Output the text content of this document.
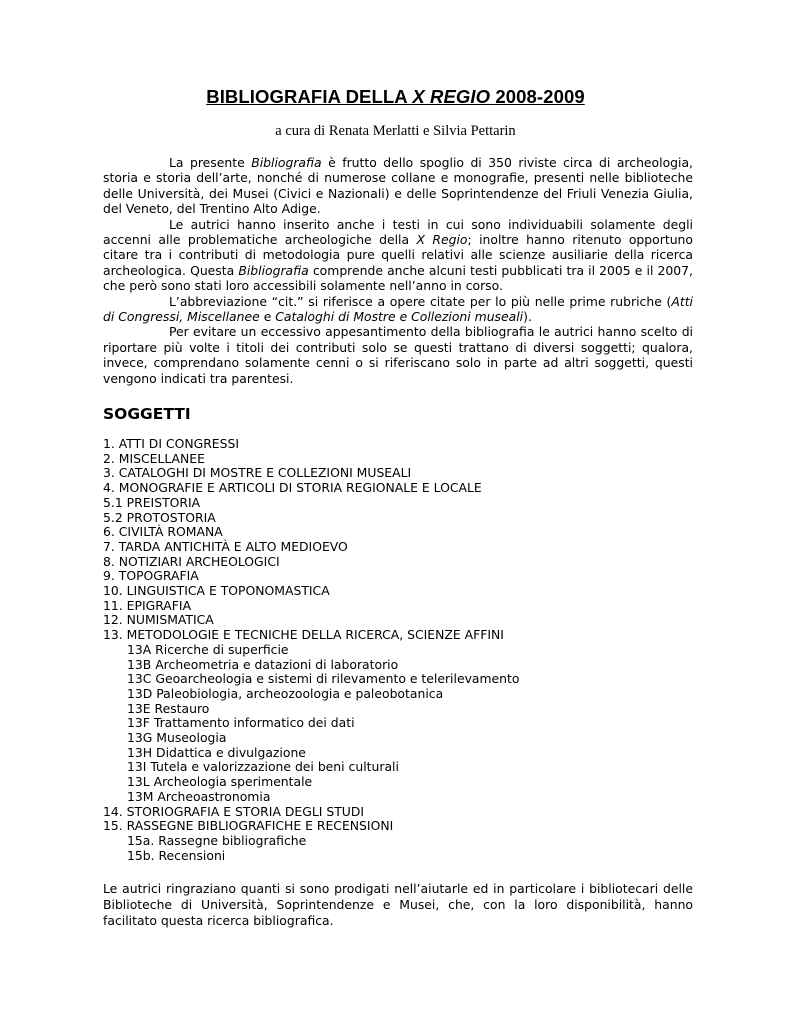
BIBLIOGRAFIA DELLA X REGIO 2008-2009
a cura di Renata Merlatti e Silvia Pettarin

La presente Bibliografia è frutto dello spoglio di 350 riviste circa di archeologia, storia e storia dell’arte, nonché di numerose collane e monografie, presenti nelle biblioteche delle Università, dei Musei (Civici e Nazionali) e delle Soprintendenze del Friuli Venezia Giulia, del Veneto, del Trentino Alto Adige.

Le autrici hanno inserito anche i testi in cui sono individuabili solamente degli accenni alle problematiche archeologiche della X Regio; inoltre hanno ritenuto opportuno citare tra i contributi di metodologia pure quelli relativi alle scienze ausiliarie della ricerca archeologica. Questa Bibliografia comprende anche alcuni testi pubblicati tra il 2005 e il 2007, che però sono stati loro accessibili solamente nell’anno in corso.

L’abbreviazione “cit.” si riferisce a opere citate per lo più nelle prime rubriche (Atti di Congressi, Miscellanee e Cataloghi di Mostre e Collezioni museali).

Per evitare un eccessivo appesantimento della bibliografia le autrici hanno scelto di riportare più volte i titoli dei contributi solo se questi trattano di diversi soggetti; qualora, invece, comprendano solamente cenni o si riferiscano solo in parte ad altri soggetti, questi vengono indicati tra parentesi.

SOGGETTI
1. ATTI DI CONGRESSI
2. MISCELLANEE
3. CATALOGHI DI MOSTRE E COLLEZIONI MUSEALI
4. MONOGRAFIE E ARTICOLI DI STORIA REGIONALE E LOCALE
5.1 PREISTORIA
5.2 PROTOSTORIA
6. CIVILTÀ ROMANA
7. TARDA ANTICHITÀ E ALTO MEDIOEVO
8. NOTIZIARI ARCHEOLOGICI
9. TOPOGRAFIA
10. LINGUISTICA E TOPONOMASTICA
11. EPIGRAFIA
12. NUMISMATICA
13. METODOLOGIE E TECNICHE DELLA RICERCA, SCIENZE AFFINI
13A Ricerche di superficie
13B Archeometria e datazioni di laboratorio
13C Geoarcheologia e sistemi di rilevamento e telerilevamento
13D Paleobiologia, archeozoologia e paleobotanica
13E Restauro
13F Trattamento informatico dei dati
13G Museologia
13H Didattica e divulgazione
13I Tutela e valorizzazione dei beni culturali
13L Archeologia sperimentale
13M Archeoastronomia
14. STORIOGRAFIA E STORIA DEGLI STUDI
15. RASSEGNE BIBLIOGRAFICHE E RECENSIONI
15a. Rassegne bibliografiche
15b. Recensioni

Le autrici ringraziano quanti si sono prodigati nell’aiutarle ed in particolare i bibliotecari delle Biblioteche di Università, Soprintendenze e Musei, che, con la loro disponibilità, hanno facilitato questa ricerca bibliografica.
